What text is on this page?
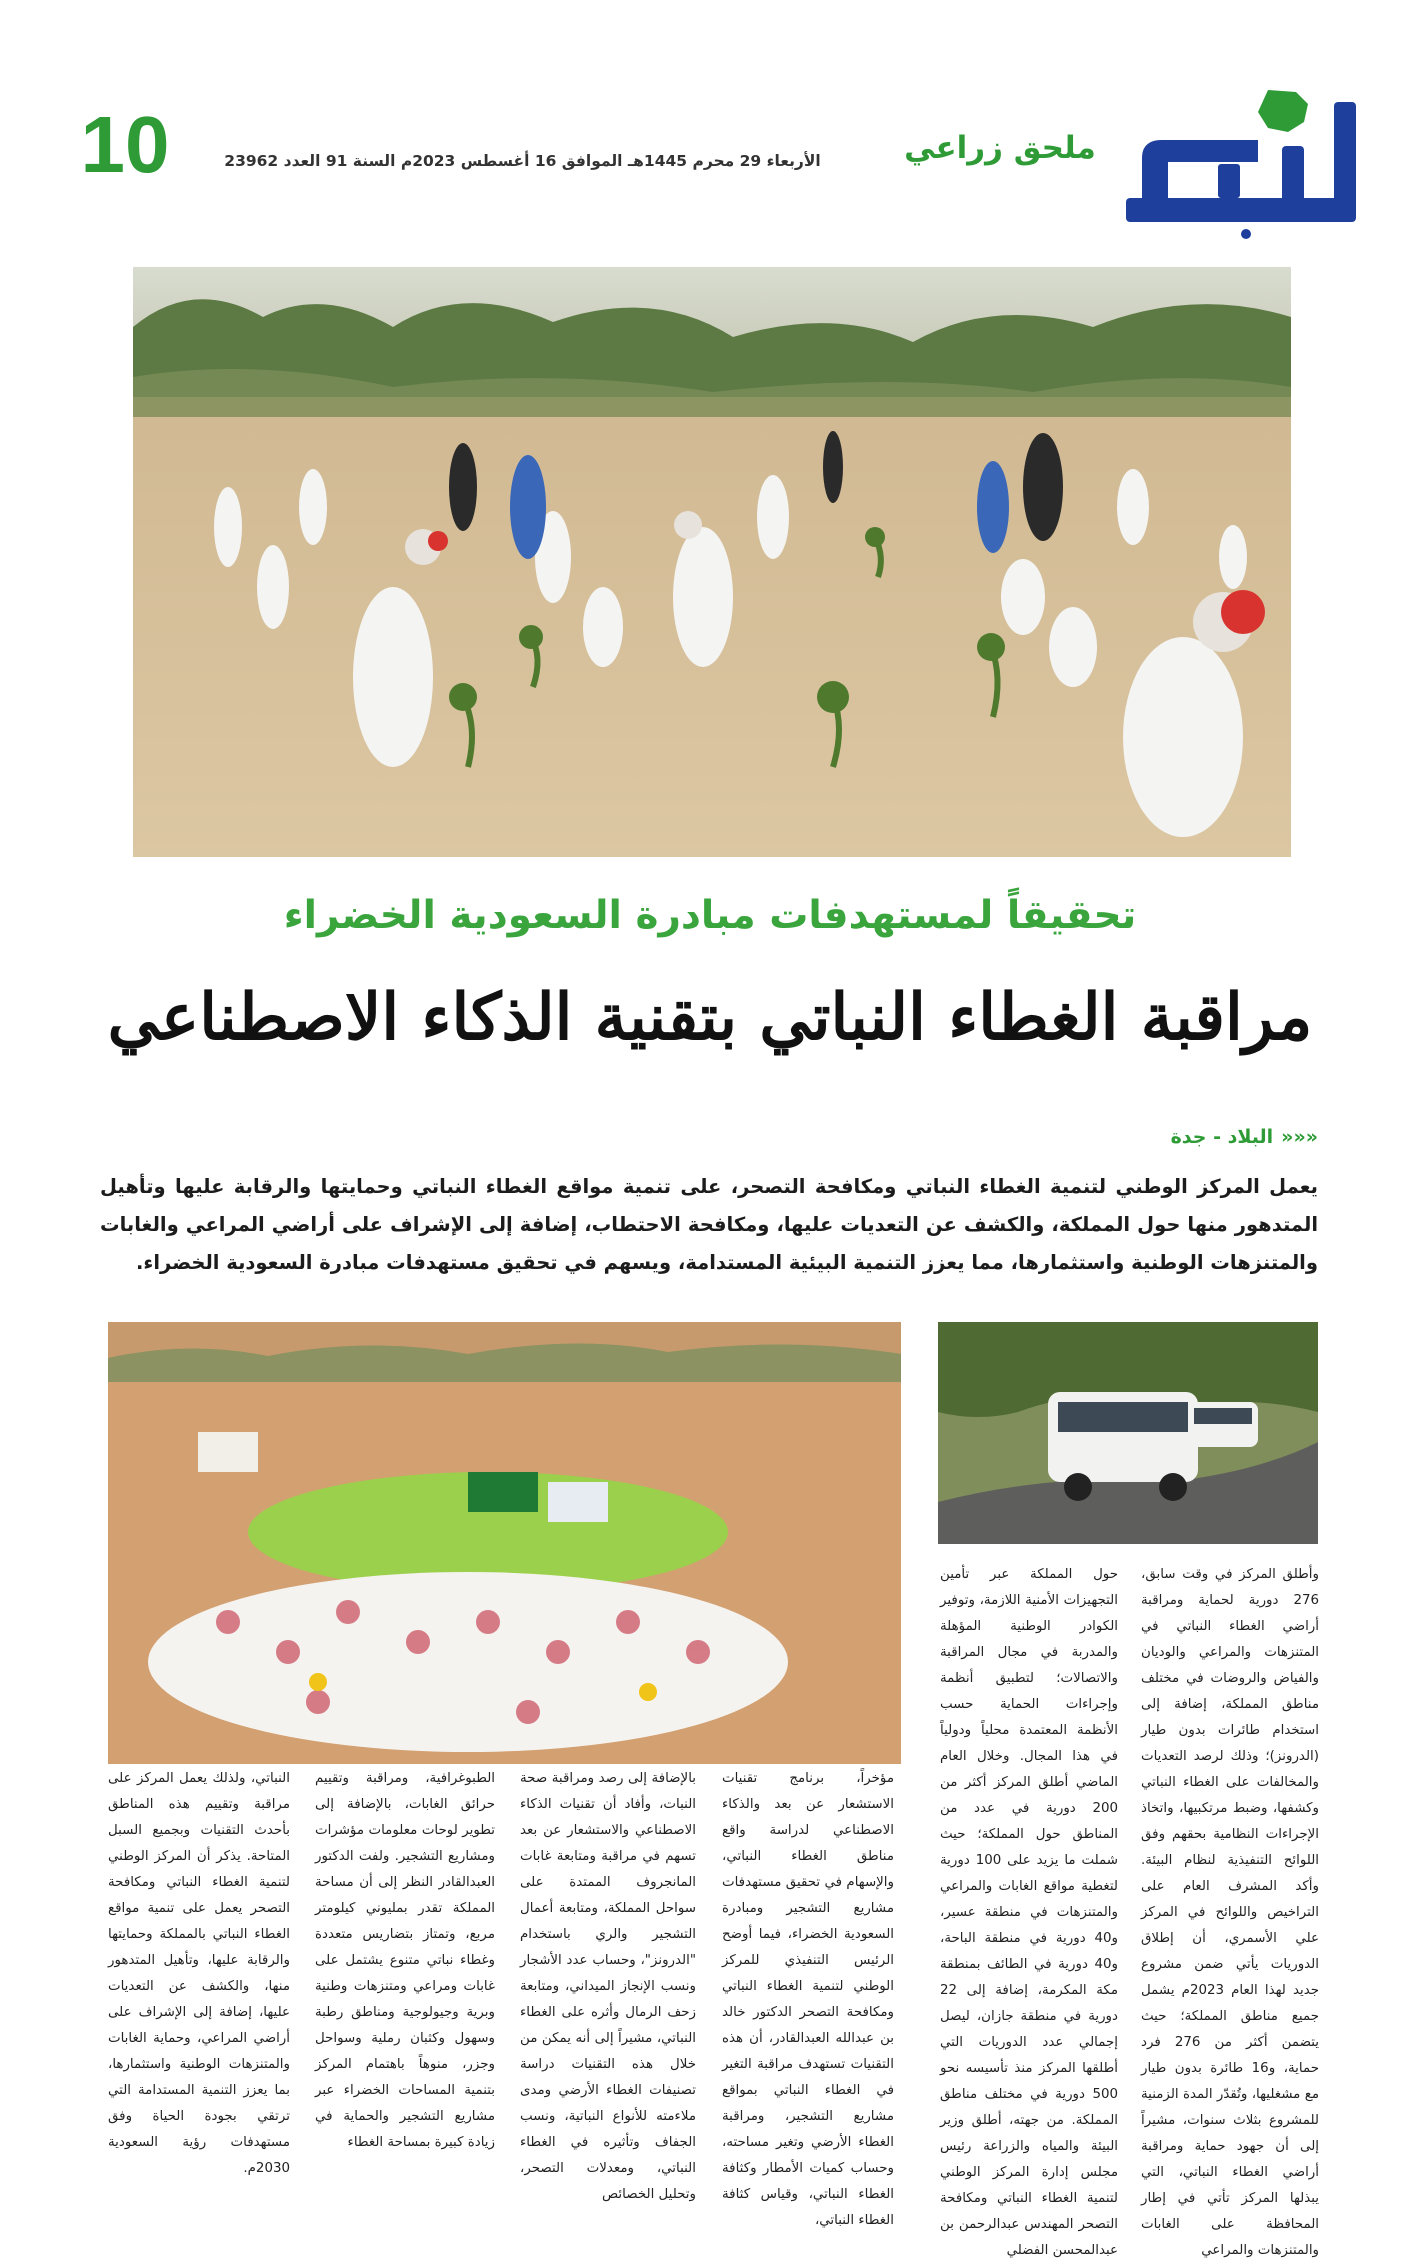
ملحق زراعي
الأربعاء 29 محرم 1445هـ الموافق 16 أغسطس 2023م السنة 91 العدد 23962
10
تحقيقاً لمستهدفات مبادرة السعودية الخضراء
مراقبة الغطاء النباتي بتقنية الذكاء الاصطناعي
«««البلاد - جدة

يعمل المركز الوطني لتنمية الغطاء النباتي ومكافحة التصحر، على تنمية مواقع الغطاء النباتي وحمايتها والرقابة عليها وتأهيل المتدهور منها حول المملكة، والكشف عن التعديات عليها، ومكافحة الاحتطاب، إضافة إلى الإشراف على أراضي المراعي والغابات والمتنزهات الوطنية واستثمارها، مما يعزز التنمية البيئية المستدامة، ويسهم في تحقيق مستهدفات مبادرة السعودية الخضراء.

وأطلق المركز في وقت سابق، 276 دورية لحماية ومراقبة أراضي الغطاء النباتي في المتنزهات والمراعي والوديان والفياض والروضات في مختلف مناطق المملكة، إضافة إلى استخدام طائرات بدون طيار (الدرونز)؛ وذلك لرصد التعديات والمخالفات على الغطاء النباتي وكشفها، وضبط مرتكبيها، واتخاذ الإجراءات النظامية بحقهم وفق اللوائح التنفيذية لنظام البيئة. وأكد المشرف العام على التراخيص واللوائح في المركز علي الأسمري، أن إطلاق الدوريات يأتي ضمن مشروع جديد لهذا العام 2023م يشمل جميع مناطق المملكة؛ حيث يتضمن أكثر من 276 فرد حماية، و16 طائرة بدون طيار مع مشغليها، وتُقدّر المدة الزمنية للمشروع بثلاث سنوات، مشيراً إلى أن جهود حماية ومراقبة أراضي الغطاء النباتي، التي يبذلها المركز تأتي في إطار المحافظة على الغابات والمتنزهات والمراعي
حول المملكة عبر تأمين التجهيزات الأمنية اللازمة، وتوفير الكوادر الوطنية المؤهلة والمدربة في مجال المراقبة والاتصالات؛ لتطبيق أنظمة وإجراءات الحماية حسب الأنظمة المعتمدة محلياً ودولياً في هذا المجال. وخلال العام الماضي أطلق المركز أكثر من 200 دورية في عدد من المناطق حول المملكة؛ حيث شملت ما يزيد على 100 دورية لتغطية مواقع الغابات والمراعي والمتنزهات في منطقة عسير، و40 دورية في منطقة الباحة، و40 دورية في الطائف بمنطقة مكة المكرمة، إضافة إلى 22 دورية في منطقة جازان، ليصل إجمالي عدد الدوريات التي أطلقها المركز منذ تأسيسه نحو 500 دورية في مختلف مناطق المملكة. من جهته، أطلق وزير البيئة والمياه والزراعة رئيس مجلس إدارة المركز الوطني لتنمية الغطاء النباتي ومكافحة التصحر المهندس عبدالرحمن بن عبدالمحسن الفضلي
مؤخراً، برنامج تقنيات الاستشعار عن بعد والذكاء الاصطناعي لدراسة واقع مناطق الغطاء النباتي، والإسهام في تحقيق مستهدفات مشاريع التشجير ومبادرة السعودية الخضراء، فيما أوضح الرئيس التنفيذي للمركز الوطني لتنمية الغطاء النباتي ومكافحة التصحر الدكتور خالد بن عبدالله العبدالقادر، أن هذه التقنيات تستهدف مراقبة التغير في الغطاء النباتي بمواقع مشاريع التشجير، ومراقبة الغطاء الأرضي وتغير مساحته، وحساب كميات الأمطار وكثافة الغطاء النباتي، وقياس كثافة الغطاء النباتي،
بالإضافة إلى رصد ومراقبة صحة النبات، وأفاد أن تقنيات الذكاء الاصطناعي والاستشعار عن بعد تسهم في مراقبة ومتابعة غابات المانجروف الممتدة على سواحل المملكة، ومتابعة أعمال التشجير والري باستخدام "الدرونز"، وحساب عدد الأشجار ونسب الإنجاز الميداني، ومتابعة زحف الرمال وأثره على الغطاء النباتي، مشيراً إلى أنه يمكن من خلال هذه التقنيات دراسة تصنيفات الغطاء الأرضي ومدى ملاءمته للأنواع النباتية، ونسب الجفاف وتأثيره في الغطاء النباتي، ومعدلات التصحر، وتحليل الخصائص
الطبوغرافية، ومراقبة وتقييم حرائق الغابات، بالإضافة إلى تطوير لوحات معلومات مؤشرات ومشاريع التشجير. ولفت الدكتور العبدالقادر النظر إلى أن مساحة المملكة تقدر بمليوني كيلومتر مربع، وتمتاز بتضاريس متعددة وغطاء نباتي متنوع يشتمل على غابات ومراعي ومتنزهات وطنية وبرية وجيولوجية ومناطق رطبة وسهول وكثبان رملية وسواحل وجزر، منوهاً باهتمام المركز بتنمية المساحات الخضراء عبر مشاريع التشجير والحماية في زيادة كبيرة بمساحة الغطاء
النباتي، ولذلك يعمل المركز على مراقبة وتقييم هذه المناطق بأحدث التقنيات وبجميع السبل المتاحة. يذكر أن المركز الوطني لتنمية الغطاء النباتي ومكافحة التصحر يعمل على تنمية مواقع الغطاء النباتي بالمملكة وحمايتها والرقابة عليها، وتأهيل المتدهور منها، والكشف عن التعديات عليها، إضافة إلى الإشراف على أراضي المراعي، وحماية الغابات والمتنزهات الوطنية واستثمارها، بما يعزز التنمية المستدامة التي ترتقي بجودة الحياة وفق مستهدفات رؤية السعودية 2030م.
